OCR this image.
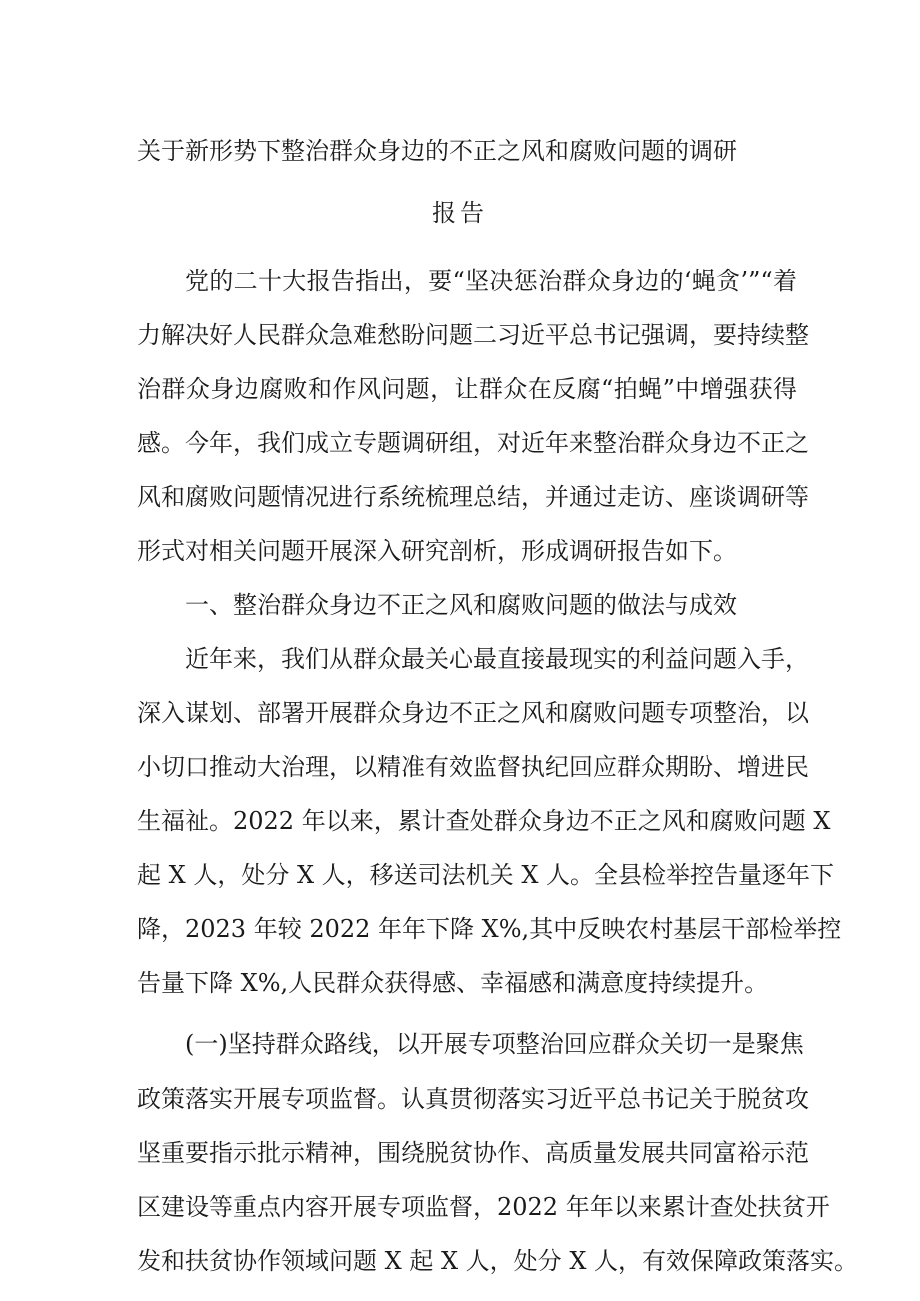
关于新形势下整治群众身边的不正之风和腐败问题的调研
报告
党的二十大报告指出，要“坚决惩治群众身边的‘蝇贪’”“着
力解决好人民群众急难愁盼问题二习近平总书记强调，要持续整
治群众身边腐败和作风问题，让群众在反腐“拍蝇”中增强获得
感。今年，我们成立专题调研组，对近年来整治群众身边不正之
风和腐败问题情况进行系统梳理总结，并通过走访、座谈调研等
形式对相关问题开展深入研究剖析，形成调研报告如下。
一、整治群众身边不正之风和腐败问题的做法与成效
近年来，我们从群众最关心最直接最现实的利益问题入手，
深入谋划、部署开展群众身边不正之风和腐败问题专项整治，以
小切口推动大治理，以精准有效监督执纪回应群众期盼、增进民
生福祉。2022 年以来，累计查处群众身边不正之风和腐败问题 X
起 X 人，处分 X 人，移送司法机关 X 人。全县检举控告量逐年下
降，2023 年较 2022 年年下降 X%,其中反映农村基层干部检举控
告量下降 X%,人民群众获得感、幸福感和满意度持续提升。
(一)坚持群众路线，以开展专项整治回应群众关切一是聚焦
政策落实开展专项监督。认真贯彻落实习近平总书记关于脱贫攻
坚重要指示批示精神，围绕脱贫协作、高质量发展共同富裕示范
区建设等重点内容开展专项监督，2022 年年以来累计查处扶贫开
发和扶贫协作领域问题 X 起 X 人，处分 X 人，有效保障政策落实。
